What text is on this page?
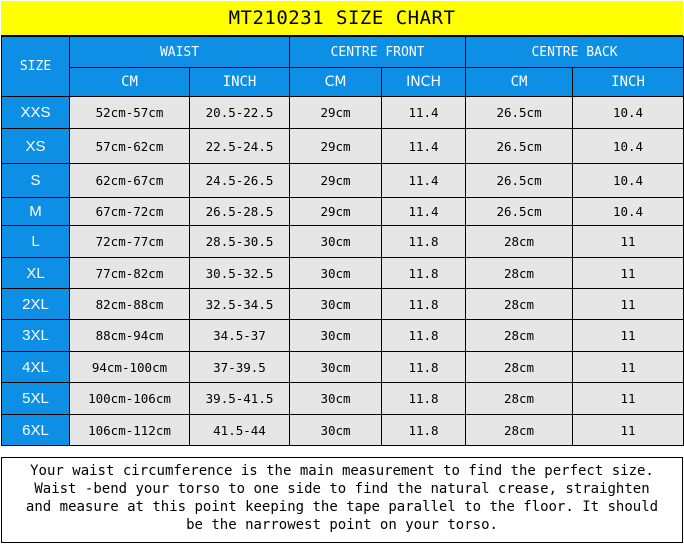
MT210231 SIZE CHART
SIZE	WAIST		CENTRE FRONT		CENTRE BACK	
	CM	INCH	CM	INCH	CM	INCH
XXS	52cm-57cm	20.5-22.5	29cm	11.4	26.5cm	10.4
XS	57cm-62cm	22.5-24.5	29cm	11.4	26.5cm	10.4
S	62cm-67cm	24.5-26.5	29cm	11.4	26.5cm	10.4
M	67cm-72cm	26.5-28.5	29cm	11.4	26.5cm	10.4
L	72cm-77cm	28.5-30.5	30cm	11.8	28cm	11
XL	77cm-82cm	30.5-32.5	30cm	11.8	28cm	11
2XL	82cm-88cm	32.5-34.5	30cm	11.8	28cm	11
3XL	88cm-94cm	34.5-37	30cm	11.8	28cm	11
4XL	94cm-100cm	37-39.5	30cm	11.8	28cm	11
5XL	100cm-106cm	39.5-41.5	30cm	11.8	28cm	11
6XL	106cm-112cm	41.5-44	30cm	11.8	28cm	11
Your waist circumference is the main measurement to find the perfect size.
Waist -bend your torso to one side to find the natural crease, straighten
and measure at this point keeping the tape parallel to the floor. It should
be the narrowest point on your torso.
